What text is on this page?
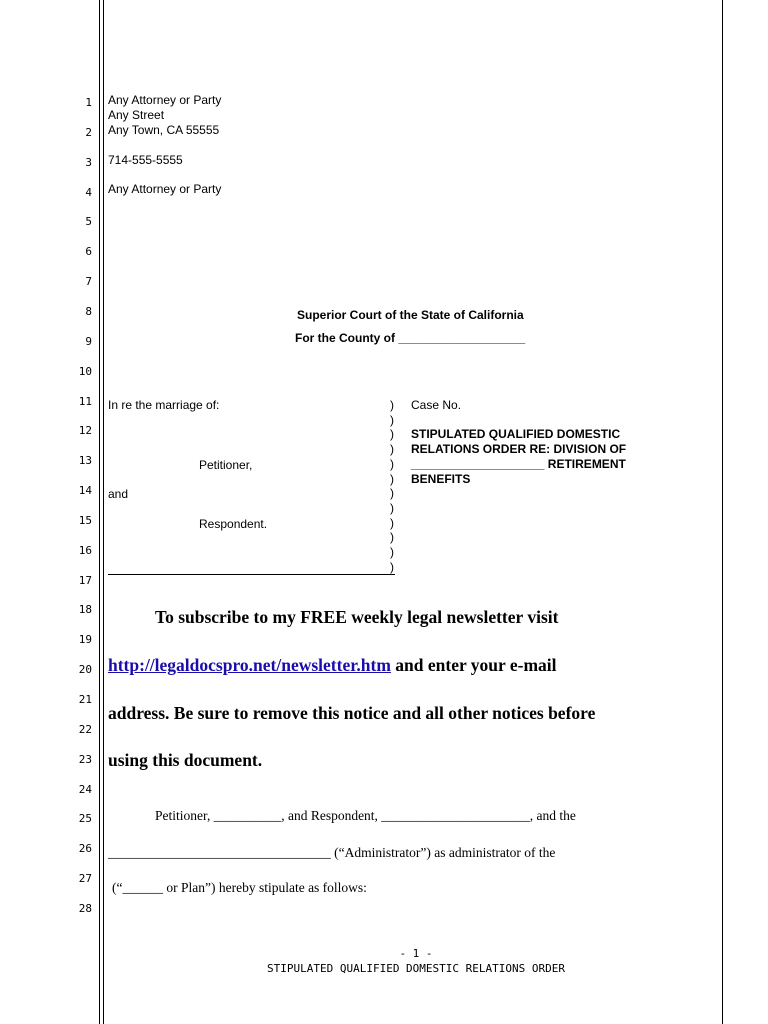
1
2
3
4
5
6
7
8
9
10
11
12
13
14
15
16
17
18
19
20
21
22
23
24
25
26
27
28
Any Attorney or Party
Any Street
Any Town, CA 55555
714-555-5555
Any Attorney or Party
Superior Court of the State of California
For the County of ___________________
In re the marriage of:
Petitioner,
and
Respondent.
)
)
)
)
)
)
)
)
)
)
)
)
Case No.
STIPULATED QUALIFIED DOMESTIC
RELATIONS ORDER RE: DIVISION OF
____________________ RETIREMENT
BENEFITS
To subscribe to my FREE weekly legal newsletter visit
http://legaldocspro.net/newsletter.htm and enter your e-mail
address. Be sure to remove this notice and all other notices before
using this document.
Petitioner, __________, and Respondent, ______________________, and the
_________________________________ (“Administrator”) as administrator of the
(“______ or Plan”) hereby stipulate as follows:
- 1 -
STIPULATED QUALIFIED DOMESTIC RELATIONS ORDER
